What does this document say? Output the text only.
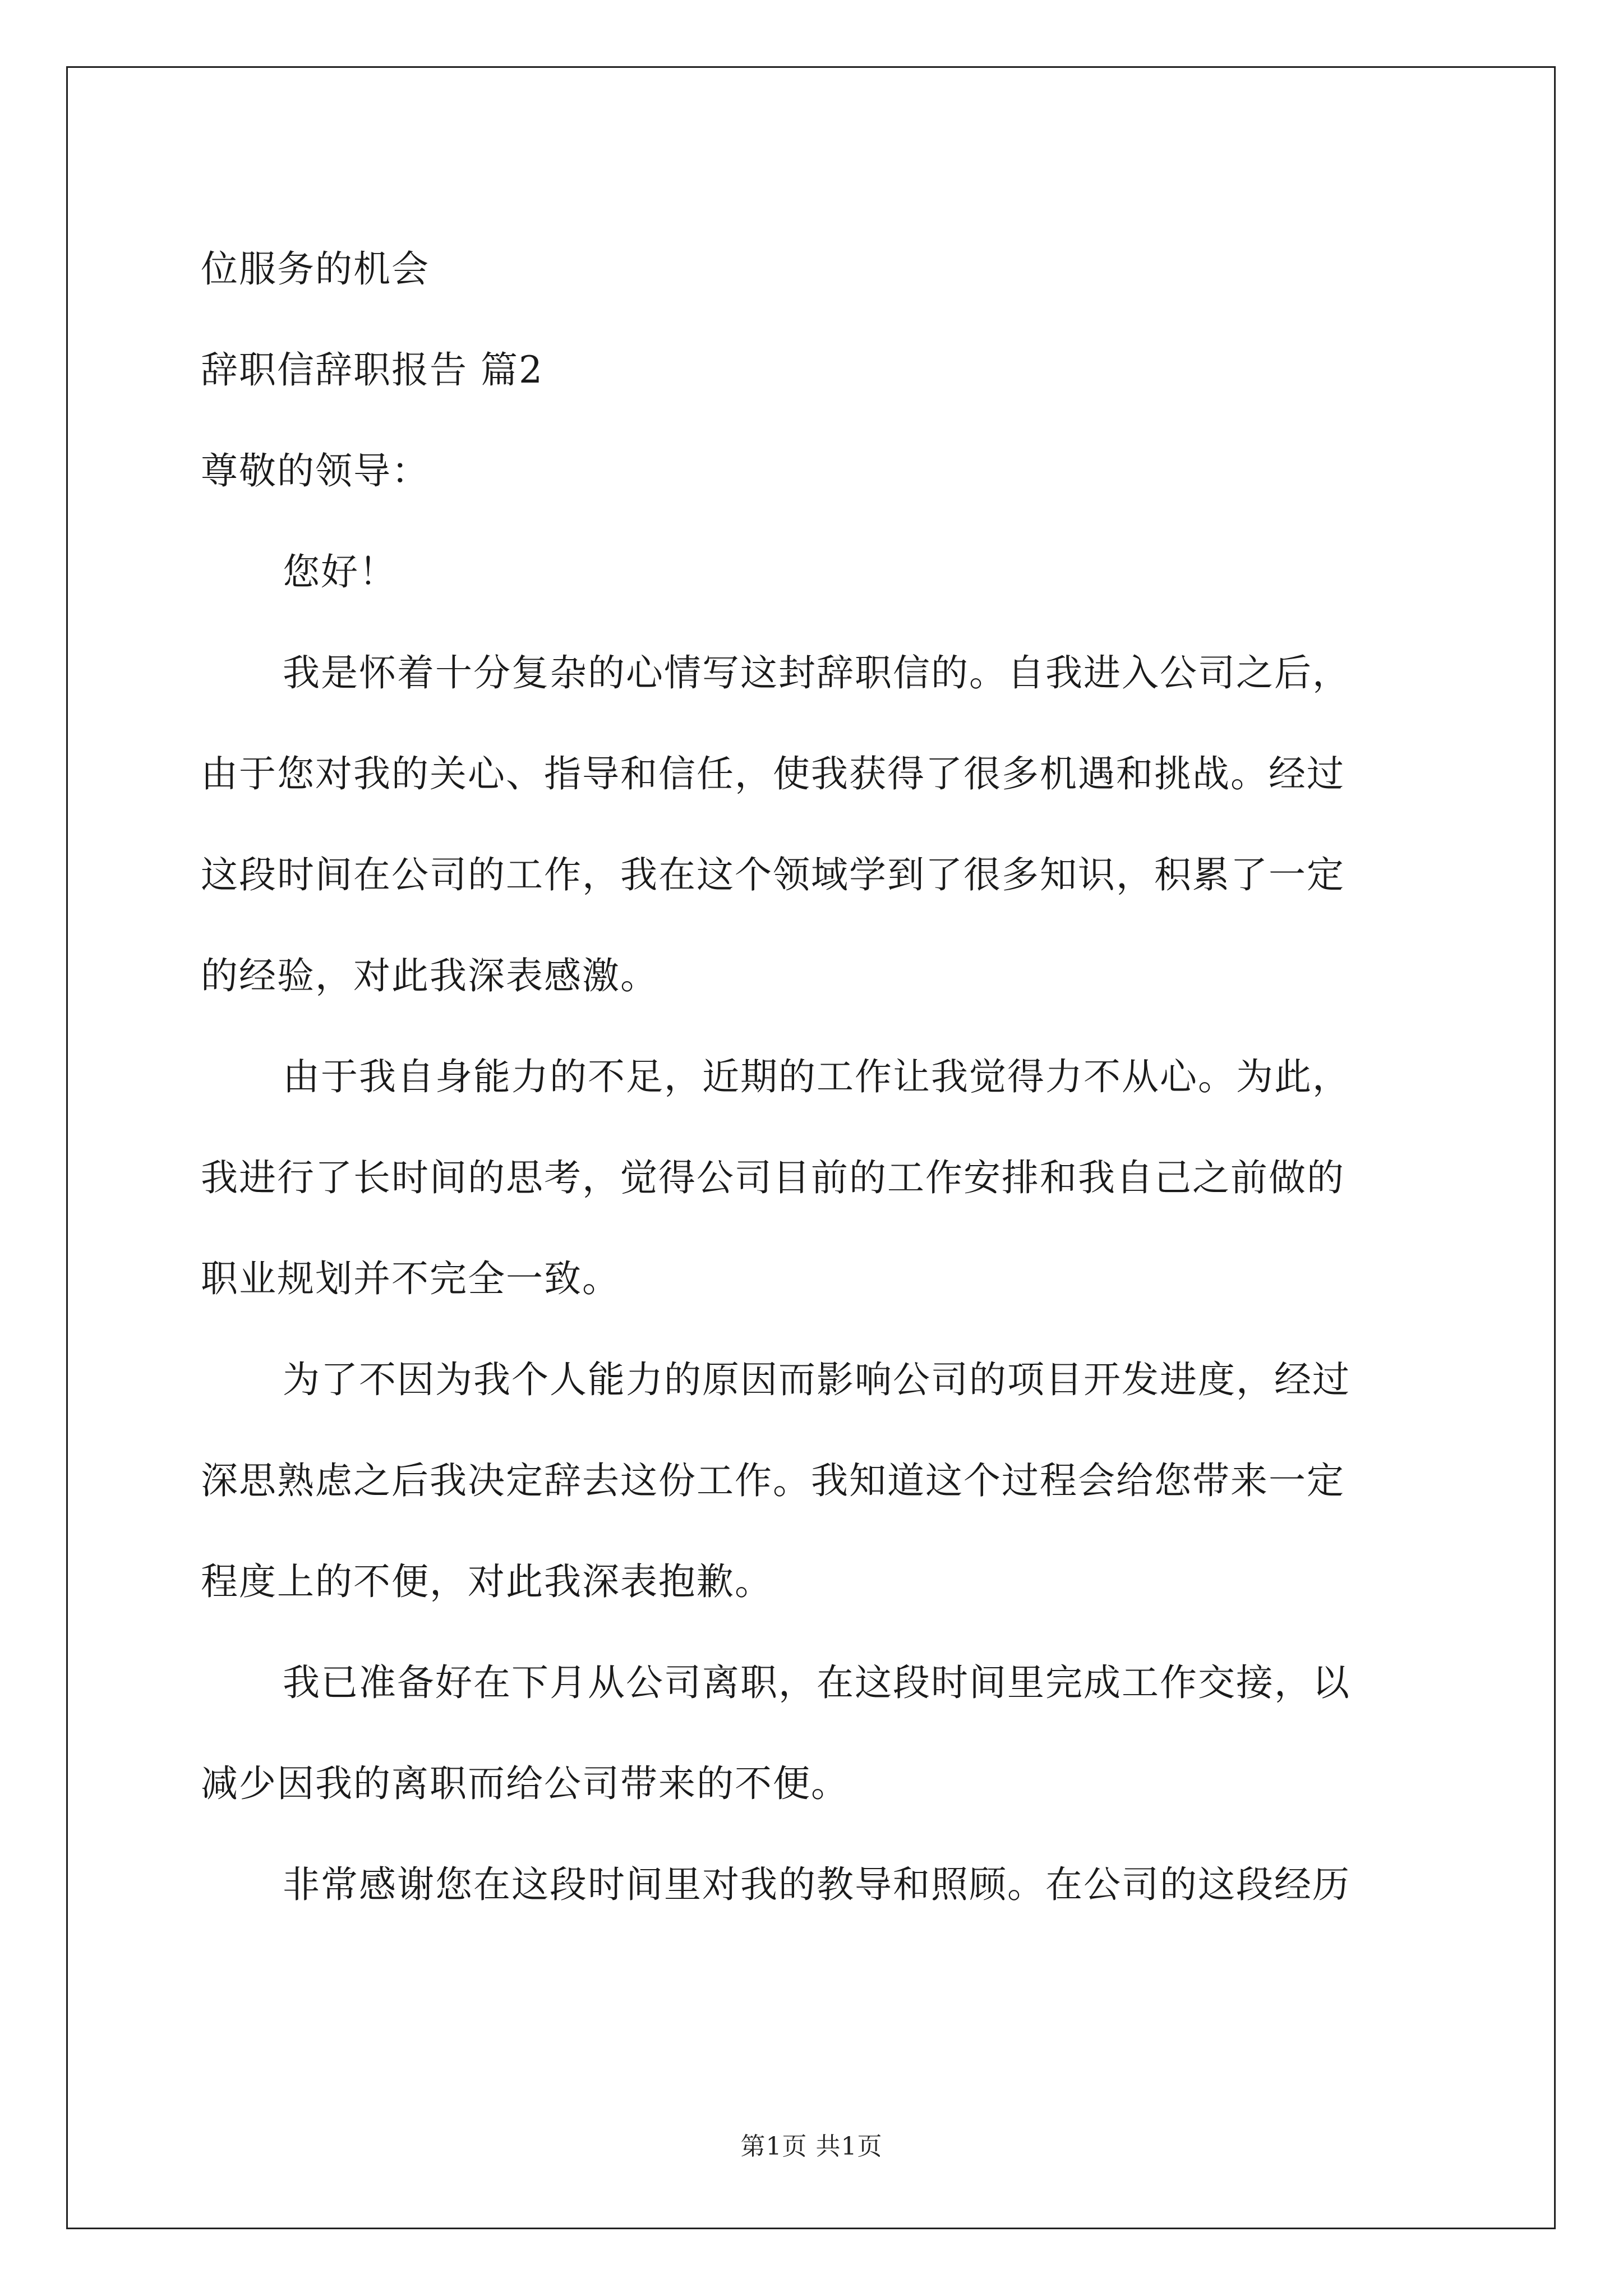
位服务的机会

辞职信辞职报告 篇2

尊敬的领导：

您好！

我是怀着十分复杂的心情写这封辞职信的。自我进入公司之后，

由于您对我的关心、指导和信任，使我获得了很多机遇和挑战。经过

这段时间在公司的工作，我在这个领域学到了很多知识，积累了一定

的经验，对此我深表感激。

由于我自身能力的不足，近期的工作让我觉得力不从心。为此，

我进行了长时间的思考，觉得公司目前的工作安排和我自己之前做的

职业规划并不完全一致。

为了不因为我个人能力的原因而影响公司的项目开发进度，经过

深思熟虑之后我决定辞去这份工作。我知道这个过程会给您带来一定

程度上的不便，对此我深表抱歉。

我已准备好在下月从公司离职，在这段时间里完成工作交接，以

减少因我的离职而给公司带来的不便。

非常感谢您在这段时间里对我的教导和照顾。在公司的这段经历

第1页 共1页
